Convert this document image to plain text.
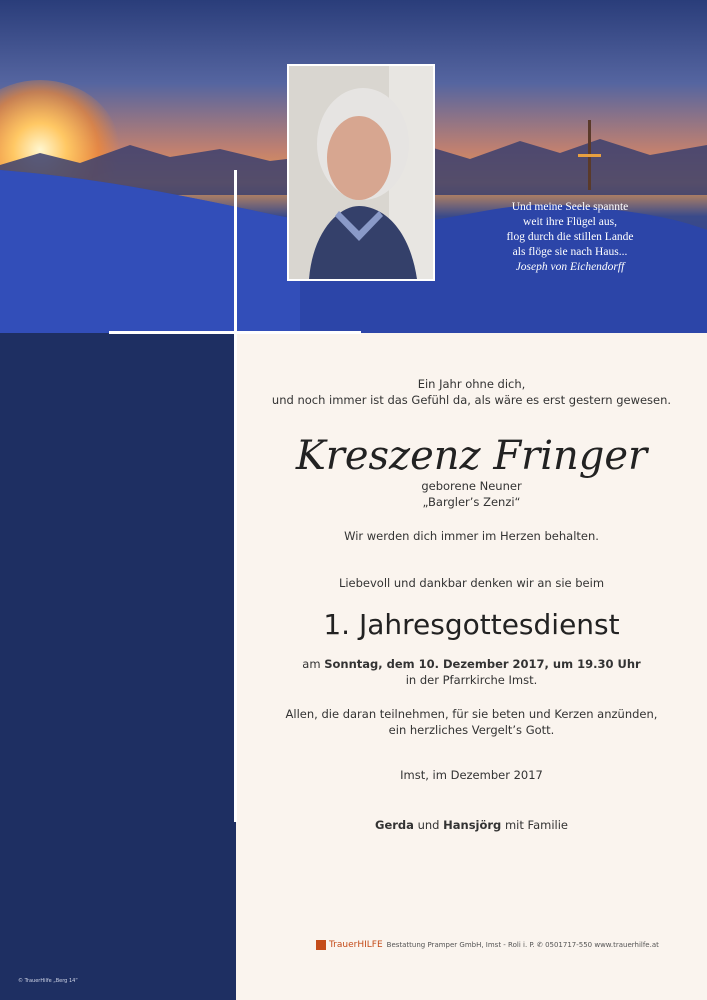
Und meine Seele spannte
weit ihre Flügel aus,
flog durch die stillen Lande
als flöge sie nach Haus...
Joseph von Eichendorff
Ein Jahr ohne dich,
und noch immer ist das Gefühl da, als wäre es erst gestern gewesen.
Kreszenz Fringer
geborene Neuner
„Bargler’s Zenzi“
Wir werden dich immer im Herzen behalten.
Liebevoll und dankbar denken wir an sie beim
1. Jahresgottesdienst
am Sonntag, dem 10. Dezember 2017, um 19.30 Uhr
in der Pfarrkirche Imst.
Allen, die daran teilnehmen, für sie beten und Kerzen anzünden,
ein herzliches Vergelt’s Gott.
Imst, im Dezember 2017
Gerda und Hansjörg mit Familie
TrauerHILFE Bestattung Pramper GmbH, Imst - Roli i. P. ✆ 0501717-550 www.trauerhilfe.at
© TrauerHilfe „Berg 14“
